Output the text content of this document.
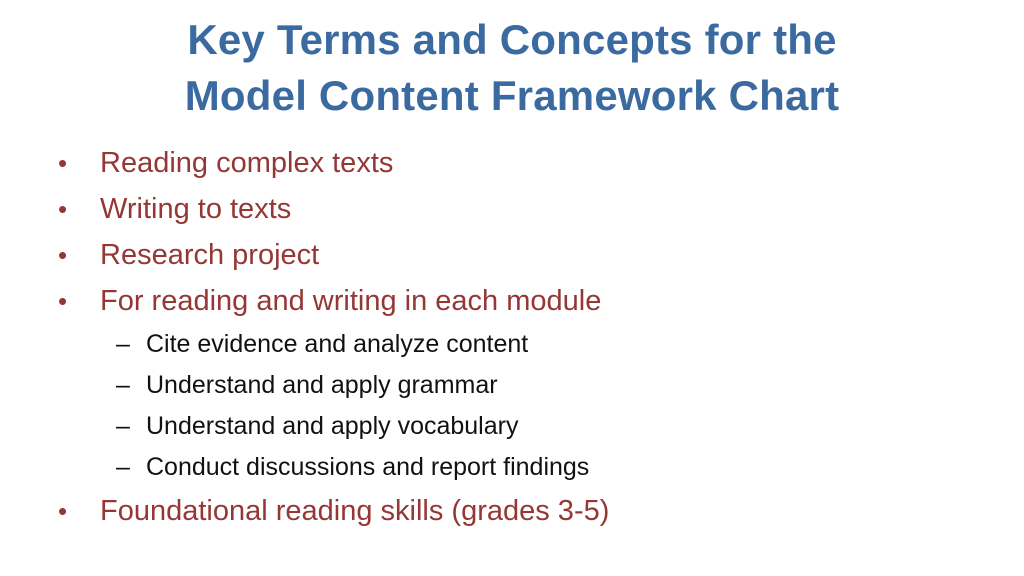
Key Terms and Concepts for the
Model Content Framework Chart
•	Reading complex texts
•	Writing to texts
•	Research project
•	For reading and writing in each module
– Cite evidence and analyze content
– Understand and apply grammar
– Understand and apply vocabulary
– Conduct discussions and report findings
•	Foundational reading skills (grades 3-5)
